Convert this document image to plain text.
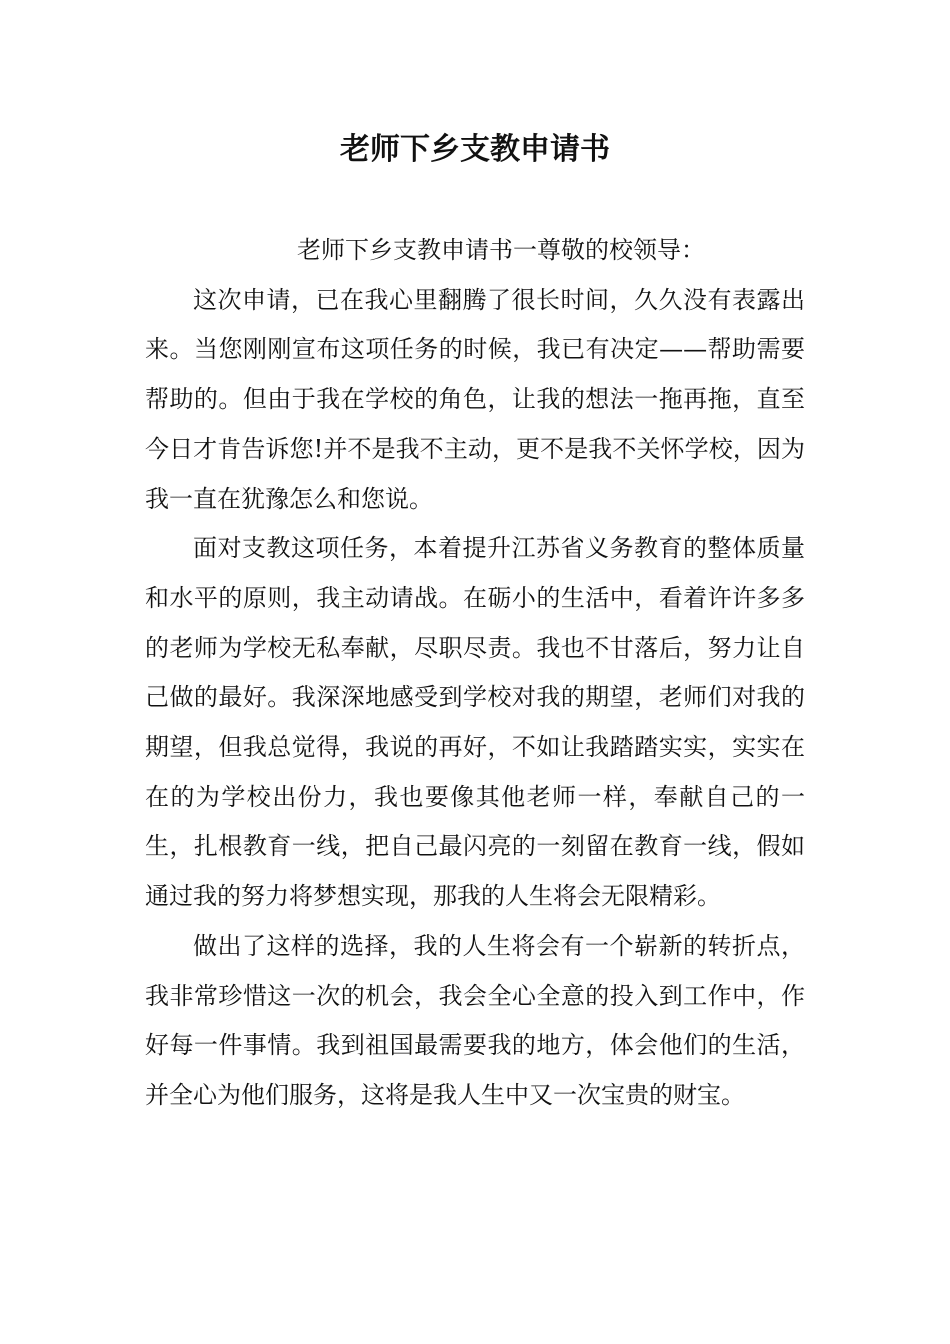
老师下乡支教申请书

老师下乡支教申请书一尊敬的校领导：

这次申请，已在我心里翻腾了很长时间，久久没有表露出来。当您刚刚宣布这项任务的时候，我已有决定——帮助需要帮助的。但由于我在学校的角色，让我的想法一拖再拖，直至今日才肯告诉您!并不是我不主动，更不是我不关怀学校，因为我一直在犹豫怎么和您说。

面对支教这项任务，本着提升江苏省义务教育的整体质量和水平的原则，我主动请战。在砺小的生活中，看着许许多多的老师为学校无私奉献，尽职尽责。我也不甘落后，努力让自己做的最好。我深深地感受到学校对我的期望，老师们对我的期望，但我总觉得，我说的再好，不如让我踏踏实实，实实在在的为学校出份力，我也要像其他老师一样，奉献自己的一生，扎根教育一线，把自己最闪亮的一刻留在教育一线，假如通过我的努力将梦想实现，那我的人生将会无限精彩。

做出了这样的选择，我的人生将会有一个崭新的转折点，我非常珍惜这一次的机会，我会全心全意的投入到工作中，作好每一件事情。我到祖国最需要我的地方，体会他们的生活，并全心为他们服务，这将是我人生中又一次宝贵的财宝。
